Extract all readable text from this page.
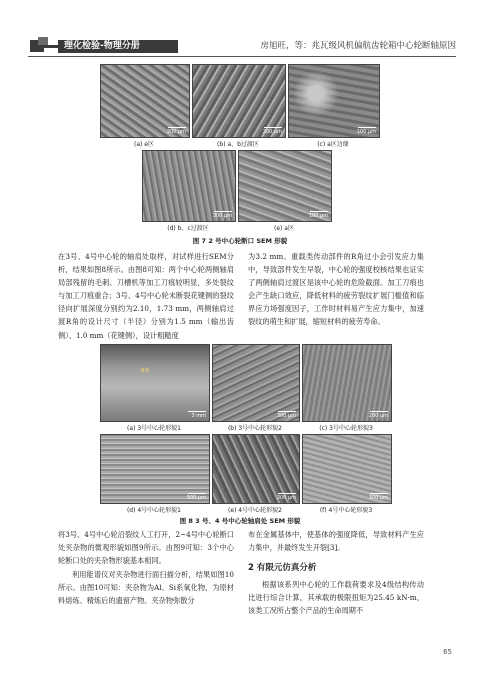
理化检验-物理分册	房旭旺，等：兆瓦级风机偏航齿轮箱中心轮断轴原因
200 μm	200 μm	100 μm
(a) e区	(b) a、b过渡区	(c) a区边缘
300 μm	100 μm
(d) b、c过渡区	(e) a区
图 7 2 号中心轮断口 SEM 形貌

在3号、4号中心轮的轴肩处取样，对试样进行SEM分析，结果如图8所示。由图8可知：两个中心轮两侧轴肩局部残留的毛刺、刀槽机等加工刀痕较明显，多处裂纹与加工刀痕重合；3号、4号中心轮未断裂花键侧的裂纹径向扩展深度分别约为2.10，1.73 mm，两侧轴肩过渡R角的设计尺寸（半径）分别为1.5 mm（输出齿侧）、1.0 mm（花键侧），设计粗糙度

为3.2 mm。重载类传动部件的R角过小会引发应力集中，导致部件发生早裂，中心轮的强度校核结果也证实了两侧轴肩过渡区是该中心轮的危险截面。加工刀痕也会产生缺口效应，降低材料的疲劳裂纹扩展门槛值和临界应力场强度因子，工作时材料易产生应力集中，加速裂纹的萌生和扩展，缩短材料的疲劳寿命。

R角
3 mm	300 μm	200 μm
(a) 3号中心轮形貌1	(b) 3号中心轮形貌2	(c) 3号中心轮形貌3
500 μm	200 μm	300 μm
(d) 4号中心轮形貌1	(e) 4号中心轮形貌2	(f) 4号中心轮形貌3
图 8 3 号、4 号中心轮轴肩处 SEM 形貌

将3号、4号中心轮沿裂纹人工打开，2~4号中心轮断口处夹杂物的微观形貌如图9所示。由图9可知：3个中心轮断口处的夹杂物形貌基本相同。

利用能谱仪对夹杂物进行面扫描分析，结果如图10所示。由图10可知：夹杂物为Al、Si系氧化物，为原材料熔炼、精炼后的遗留产物。夹杂物弥散分

布在金属基体中，使基体的强度降低，导致材料产生应力集中，并最终发生开裂[3]。

2 有限元仿真分析

根据该系列中心轮的工作载荷要求及4级结构传动比进行综合计算，其承载的极限扭矩为25.45 kN·m，该类工况所占整个产品的生命周期不

65
